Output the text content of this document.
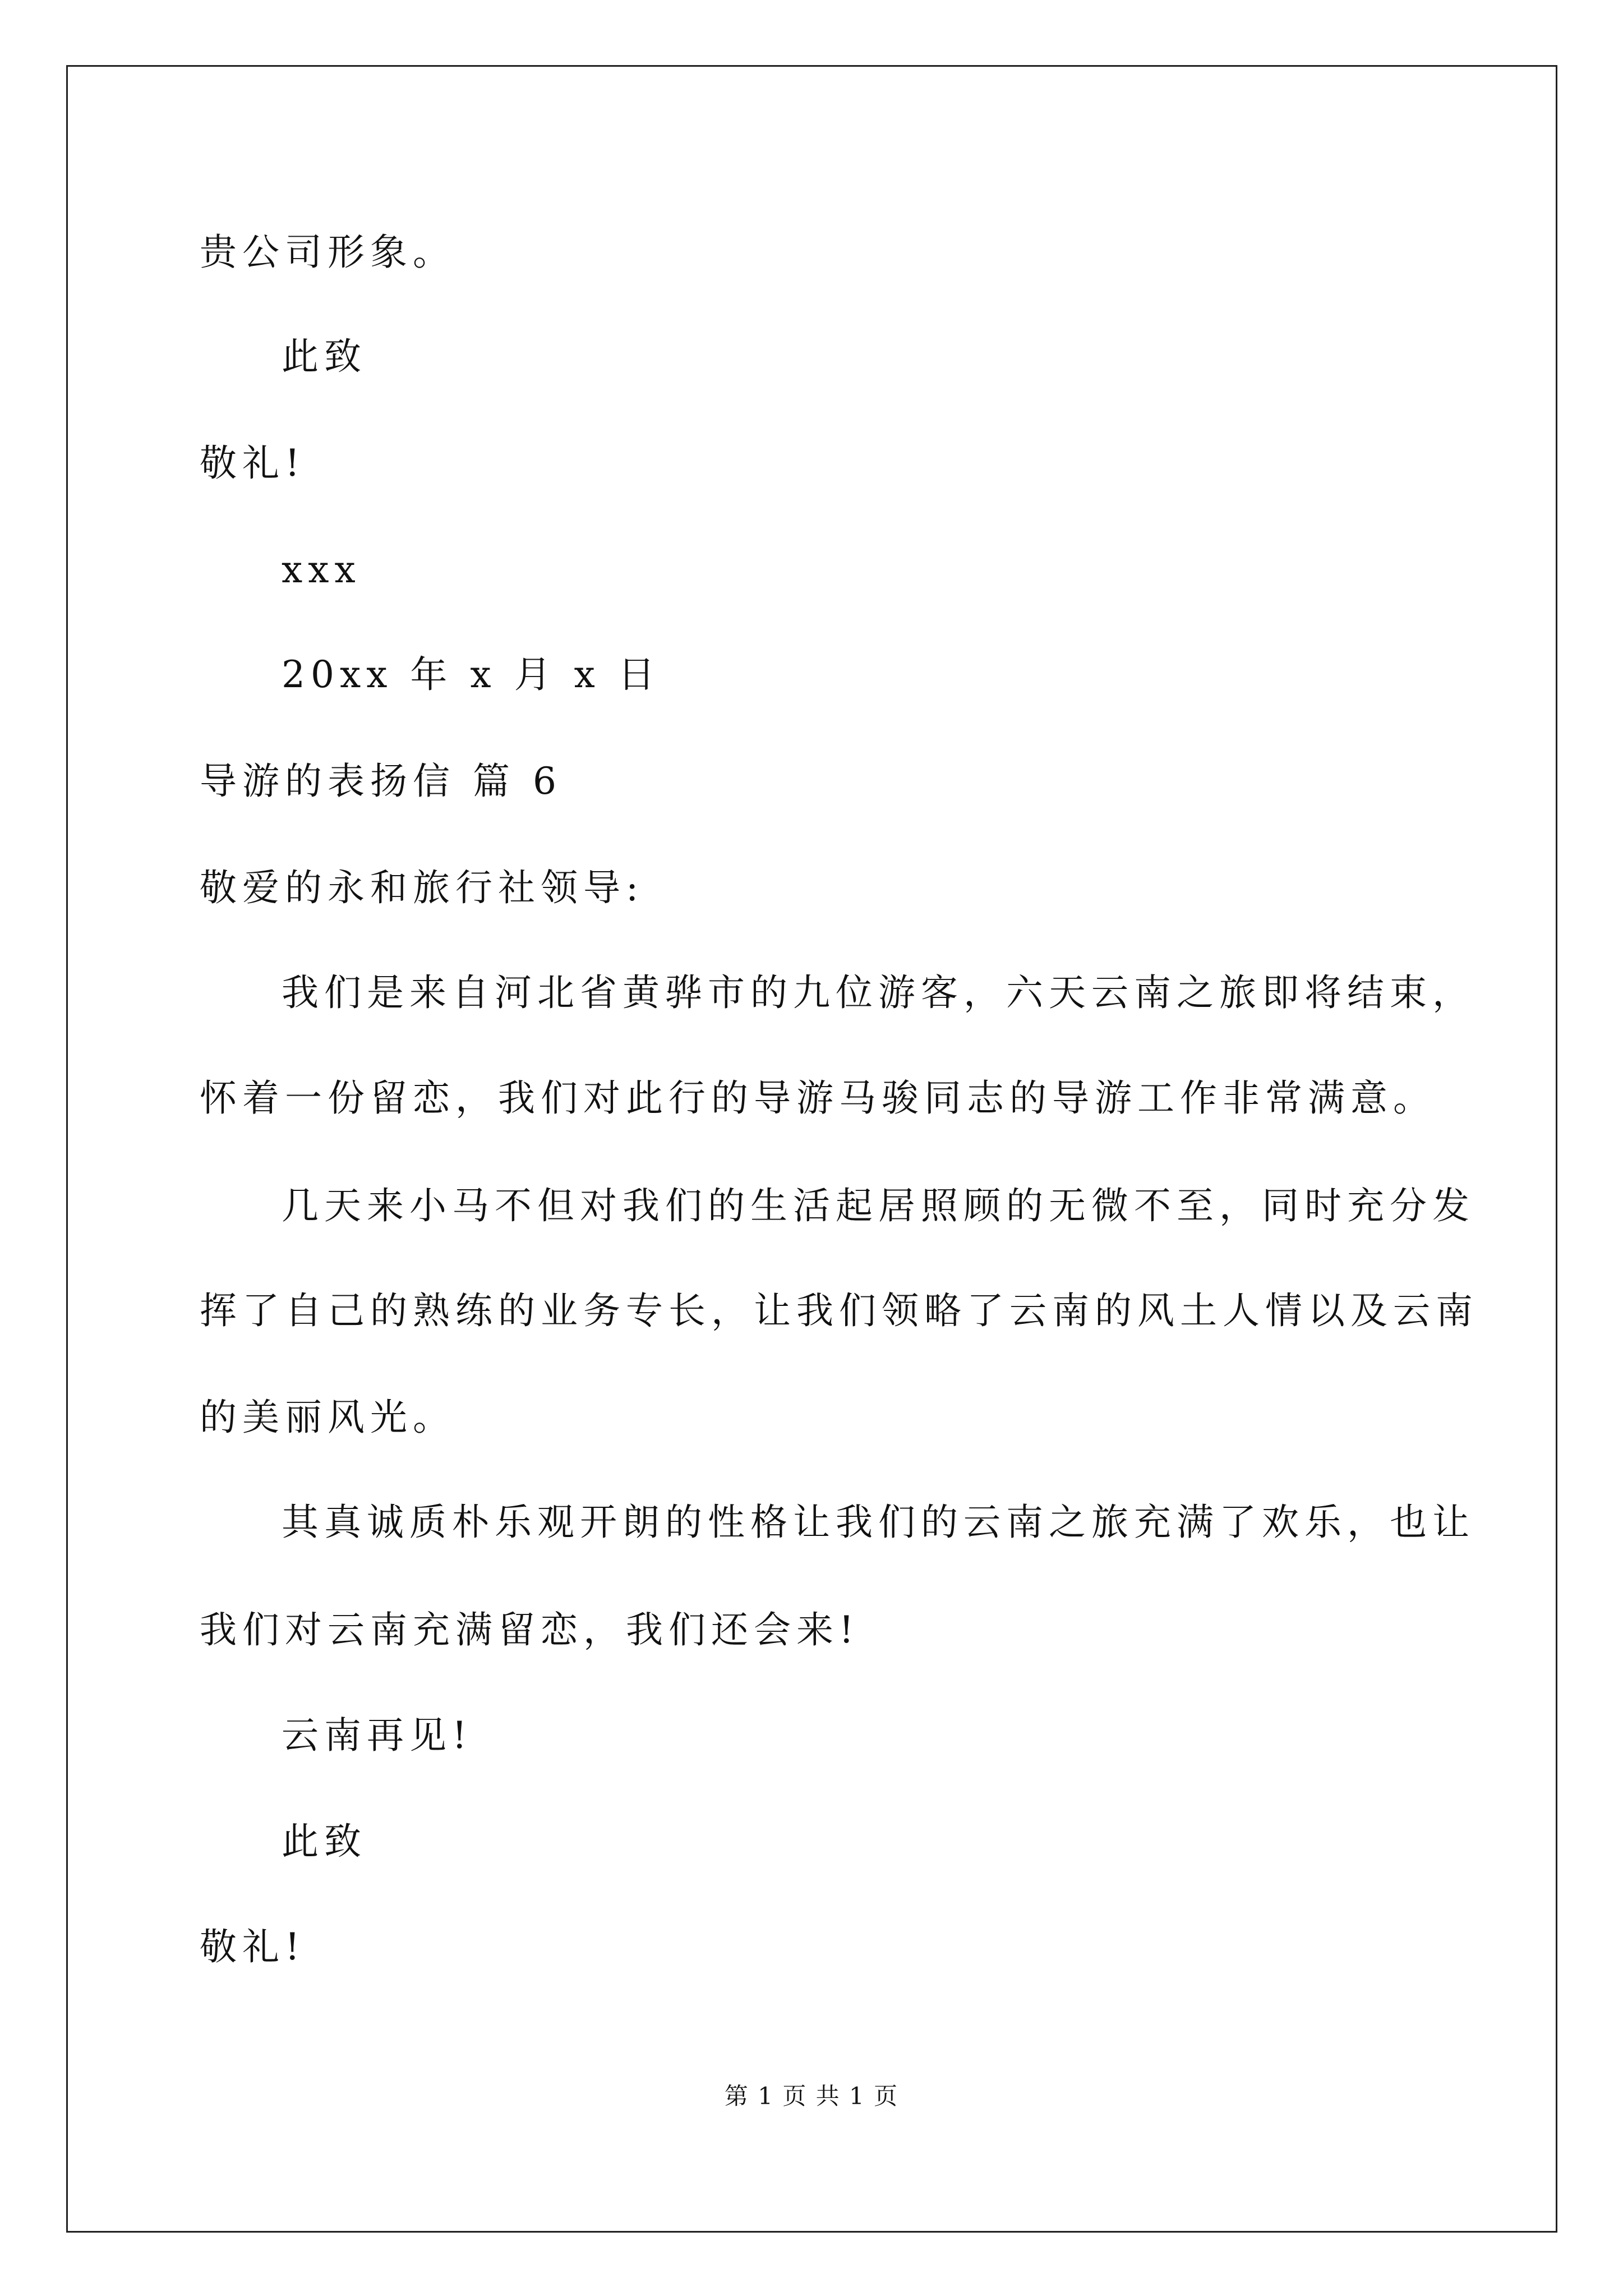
贵公司形象。
此致
敬礼!
xxx
20xx 年 x 月 x 日
导游的表扬信 篇 6
敬爱的永和旅行社领导:
我们是来自河北省黄骅市的九位游客，六天云南之旅即将结束，
怀着一份留恋，我们对此行的导游马骏同志的导游工作非常满意。
几天来小马不但对我们的生活起居照顾的无微不至，同时充分发
挥了自己的熟练的业务专长，让我们领略了云南的风土人情以及云南
的美丽风光。
其真诚质朴乐观开朗的性格让我们的云南之旅充满了欢乐，也让
我们对云南充满留恋，我们还会来!
云南再见!
此致
敬礼!
第 1 页 共 1 页
